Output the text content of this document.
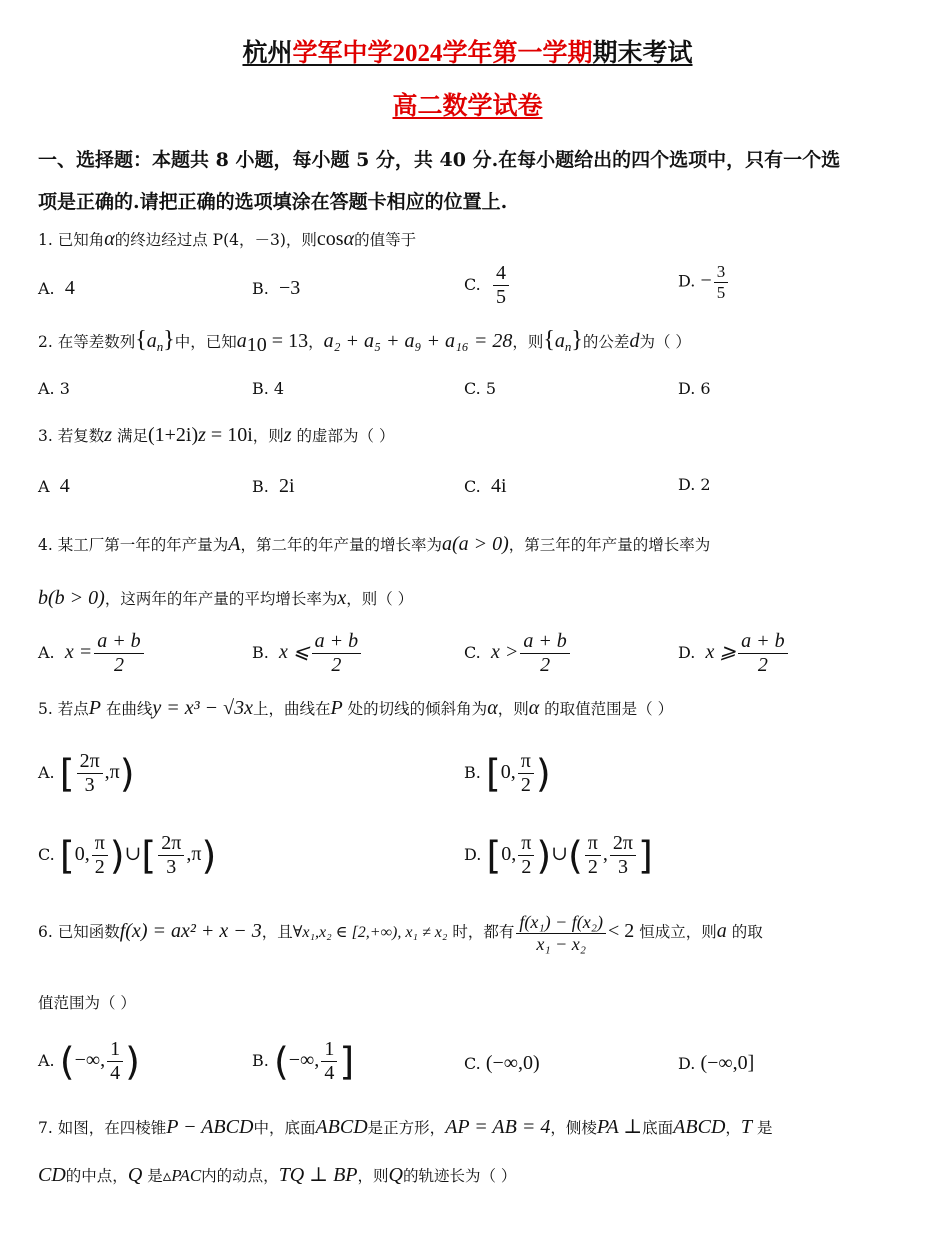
杭州学军中学2024学年第一学期期末考试
高二数学试卷
一、选择题：本题共 8 小题，每小题 5 分，共 40 分.在每小题给出的四个选项中，只有一个选
项是正确的.请把正确的选项填涂在答题卡相应的位置上.
1. 已知角α的终边经过点 P(4，－3)，则cosα的值等于
A. 4	B. −3	C. $\frac{4}{5}$	D. − $\frac{3}{5}$
2. 在等差数列$\{a_n\}$中，已知$a_{10} = 13$，a₂ + a₅ + a₉ + a₁₆ = 28，则$\{a_n\}$的公差d为（ ）
A. 3	B. 4	C. 5	D. 6
3. 若复数z 满足(1+2i)z = 10i，则z 的虚部为（ ）
A 4	B. 2i	C. 4i	D. 2
4. 某工厂第一年的年产量为A，第二年的年产量的增长率为a(a > 0)，第三年的年产量的增长率为
b(b > 0)，这两年的年产量的平均增长率为x，则（ ）
A. $x = \frac{a + b}{2}$	B. x ⩽ $\frac{a + b}{2}$	C. $x > \frac{a + b}{2}$	D. x ⩾ $\frac{a + b}{2}$
5. 若点P 在曲线y = x³ − √3x上，曲线在P 处的切线的倾斜角为α，则α 的取值范围是（ ）
A. [ $\frac{2\pi}{3} ,\pi$)	B. [0, $\frac{\pi}{2}$ )
C. [0, $\frac{\pi}{2}$ )∪[ $\frac{2\pi}{3} ,\pi$)	D. [0, $\frac{\pi}{2}$ )∪( $\frac{\pi}{2}$ , $\frac{2\pi}{3}$ ]
6. 已知函数f(x) = ax² + x − 3，且∀x₁,x₂ ∈ [2,+∞), x₁ ≠ x₂ 时，都有 $\frac{\text{f(x₁) − f(x₂)}}{\text{x₁ − x₂}} < 2$ 恒成立，则a 的取
值范围为（ ）
A. (−∞, $\frac{1}{4}$ )	B. (−∞, $\frac{1}{4}$ ]	C. (−∞,0)	D. (−∞,0]
7. 如图，在四棱锥P − ABCD中，底面ABCD是正方形，AP = AB = 4，侧棱PA ⊥底面ABCD，T 是
CD的中点，Q 是▵PAC内的动点，TQ ⊥ BP，则Q的轨迹长为（ ）
